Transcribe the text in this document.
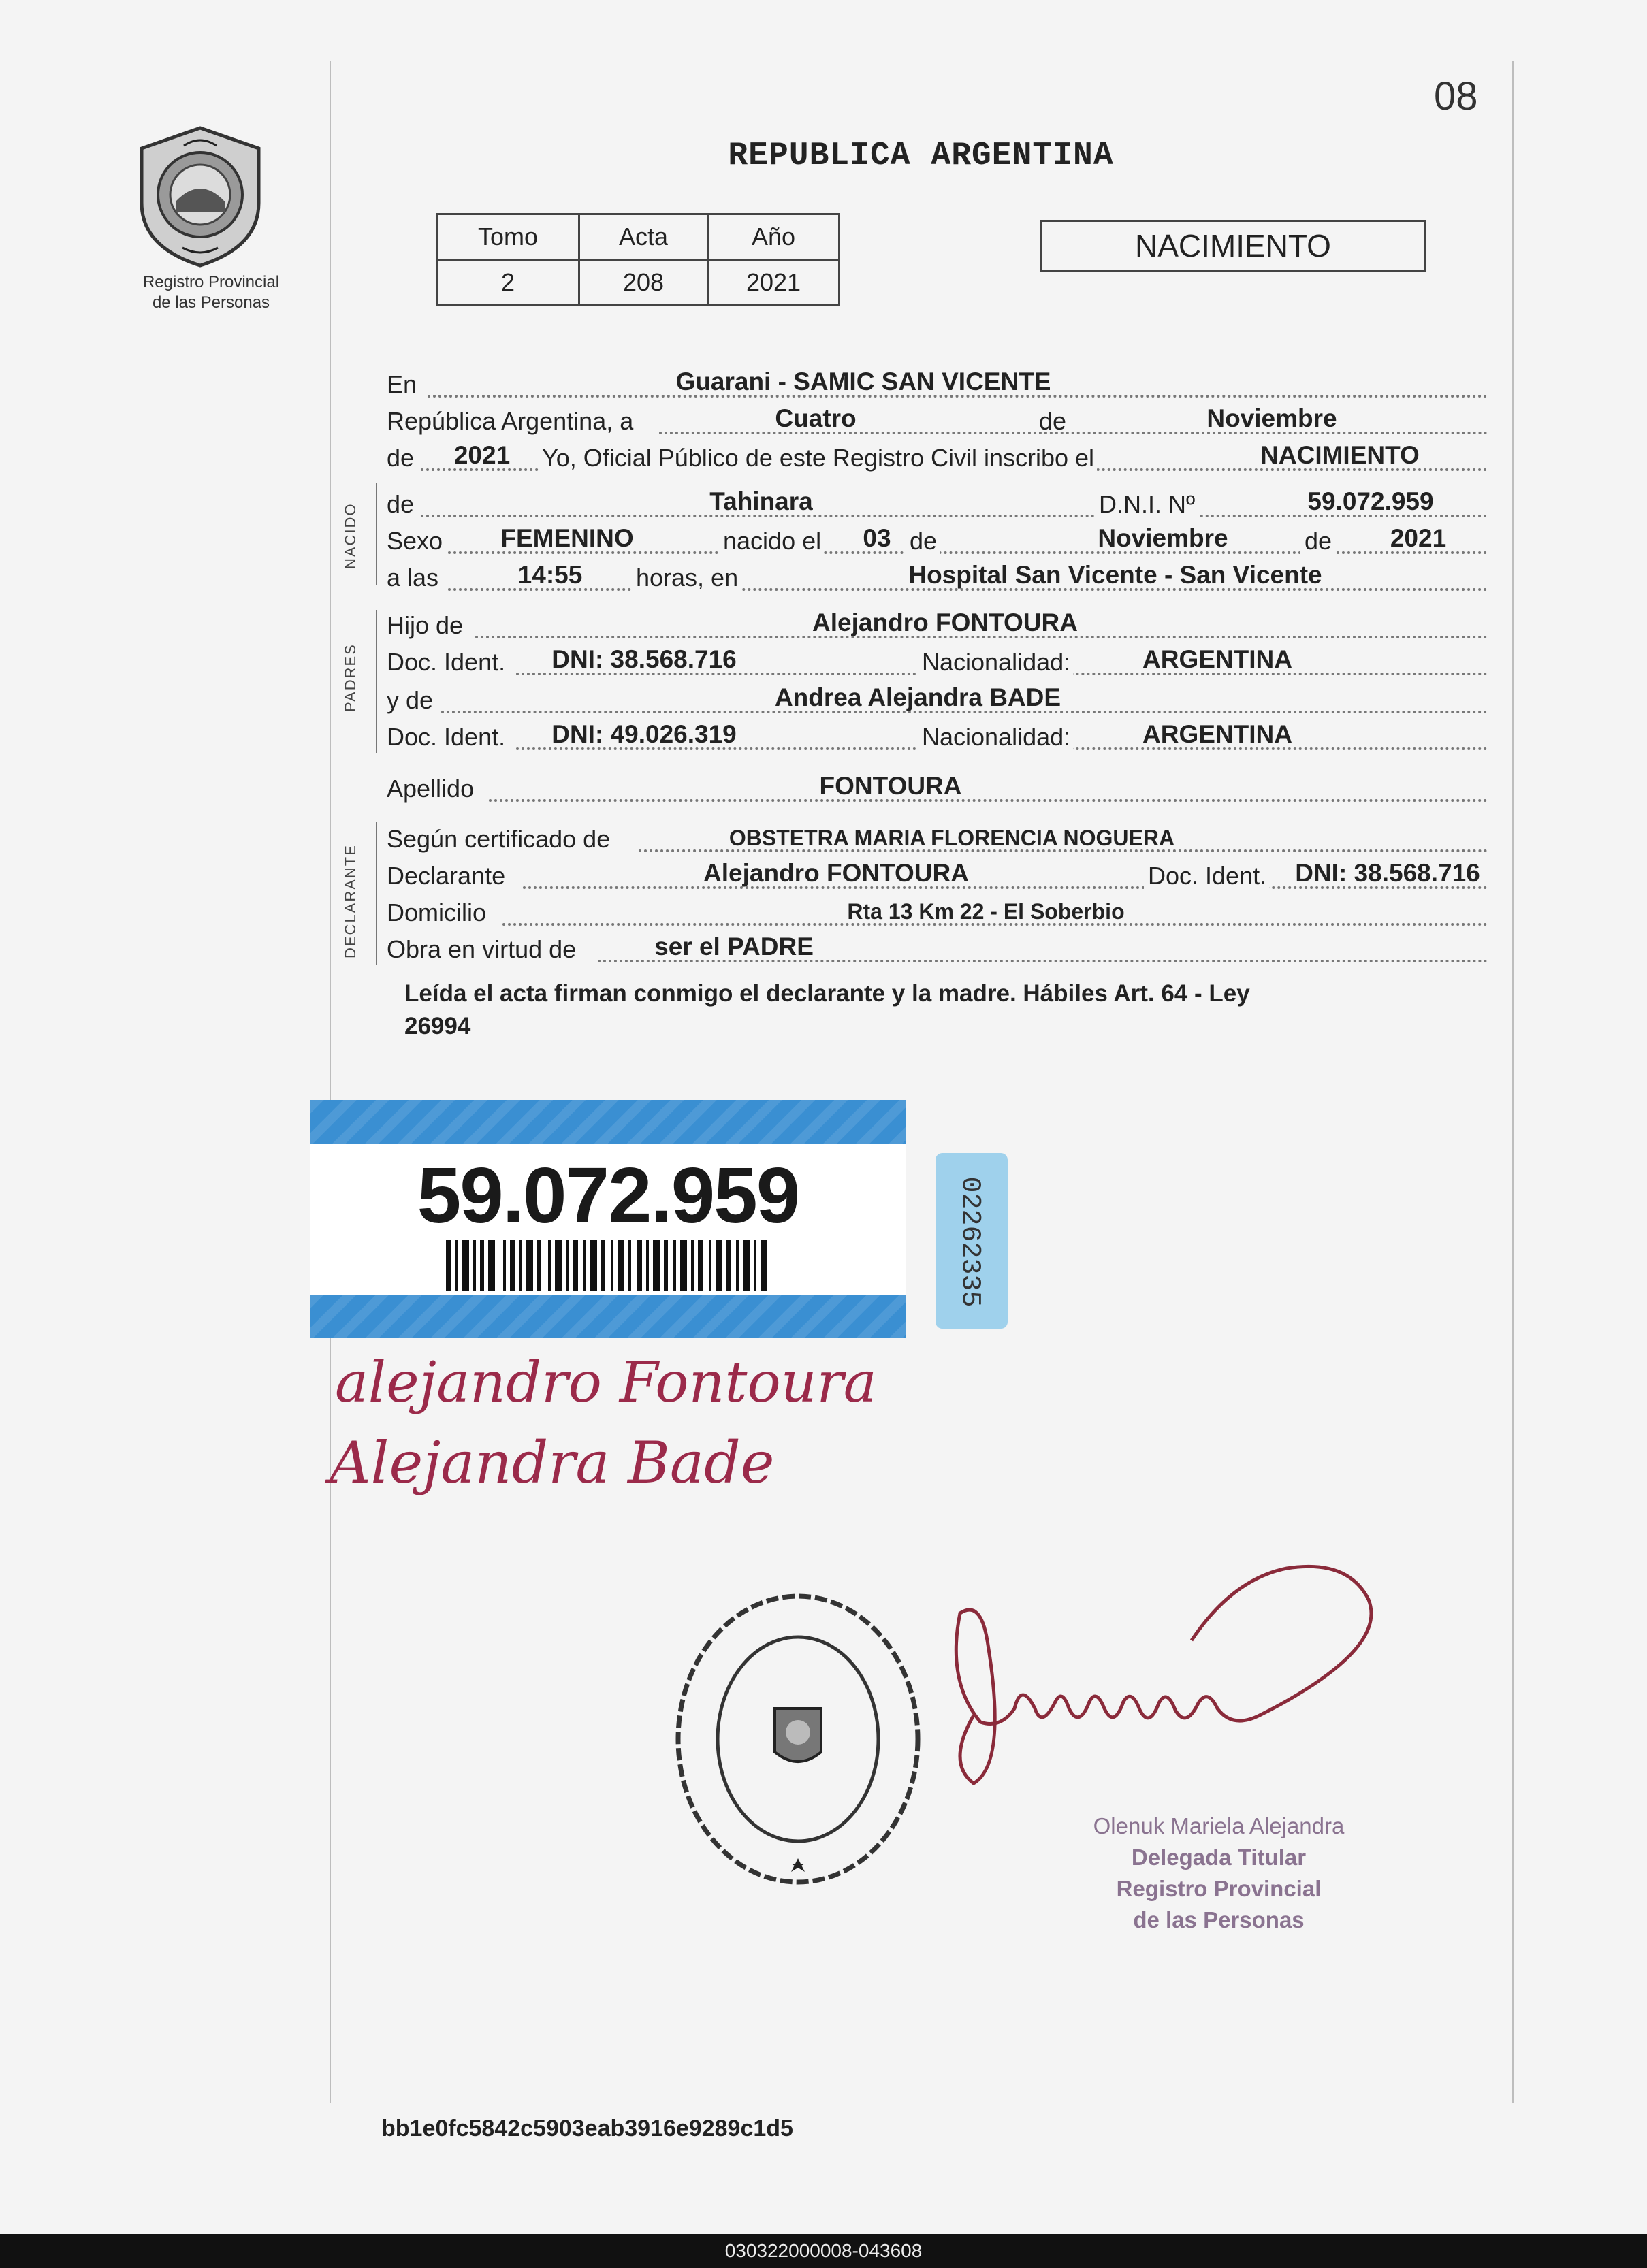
08
REPUBLICA ARGENTINA
Registro Provincial
de las Personas
Tomo	Acta	Año
2	208	2021
NACIMIENTO
NACIDO
PADRES
DECLARANTE
En	Guarani - SAMIC SAN VICENTE
República Argentina, a	Cuatro	de	Noviembre
de	2021	Yo, Oficial Público de este Registro Civil inscribo el	NACIMIENTO
de	Tahinara	D.N.I. Nº	59.072.959
Sexo	FEMENINO	nacido el	03 de	Noviembre	de	2021
a las	14:55	horas, en	Hospital San Vicente - San Vicente
Hijo de	Alejandro FONTOURA
Doc. Ident.	DNI: 38.568.716	Nacionalidad:	ARGENTINA
y de	Andrea Alejandra BADE
Doc. Ident.	DNI: 49.026.319	Nacionalidad:	ARGENTINA
Apellido	FONTOURA
Según certificado de	OBSTETRA MARIA FLORENCIA NOGUERA
Declarante	Alejandro FONTOURA	Doc. Ident.	DNI: 38.568.716
Domicilio	Rta 13 Km 22 - El Soberbio
Obra en virtud de	ser el PADRE
Leída el acta firman conmigo el declarante y la madre. Hábiles Art. 64 - Ley
26994
59.072.959	02262335
alejandro Fontoura
Alejandra Bade
Olenuk Mariela Alejandra
Delegada Titular
Registro Provincial
de las Personas
bb1e0fc5842c5903eab3916e9289c1d5
030322000008-043608
